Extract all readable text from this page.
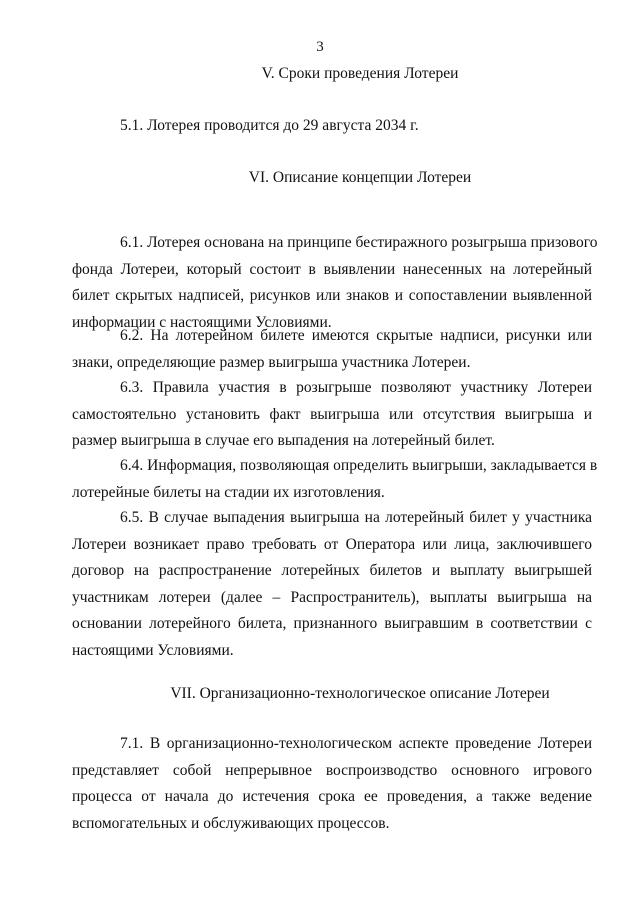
3
V. Сроки проведения Лотереи
5.1. Лотерея проводится до 29 августа 2034 г.
VI. Описание концепции Лотереи
6.1. Лотерея основана на принципе бестиражного розыгрыша призового
фонда Лотереи, который состоит в выявлении нанесенных на лотерейный
билет скрытых надписей, рисунков или знаков и сопоставлении выявленной
информации с настоящими Условиями.
6.2. На лотерейном билете имеются скрытые надписи, рисунки или
знаки, определяющие размер выигрыша участника Лотереи.
6.3. Правила участия в розыгрыше позволяют участнику Лотереи
самостоятельно установить факт выигрыша или отсутствия выигрыша и
размер выигрыша в случае его выпадения на лотерейный билет.
6.4. Информация, позволяющая определить выигрыши, закладывается в
лотерейные билеты на стадии их изготовления.
6.5. В случае выпадения выигрыша на лотерейный билет у участника
Лотереи возникает право требовать от Оператора или лица, заключившего
договор на распространение лотерейных билетов и выплату выигрышей
участникам лотереи (далее – Распространитель), выплаты выигрыша на
основании лотерейного билета, признанного выигравшим в соответствии с
настоящими Условиями.
VII. Организационно-технологическое описание Лотереи
7.1. В организационно-технологическом аспекте проведение Лотереи
представляет собой непрерывное воспроизводство основного игрового
процесса от начала до истечения срока ее проведения, а также ведение
вспомогательных и обслуживающих процессов.
